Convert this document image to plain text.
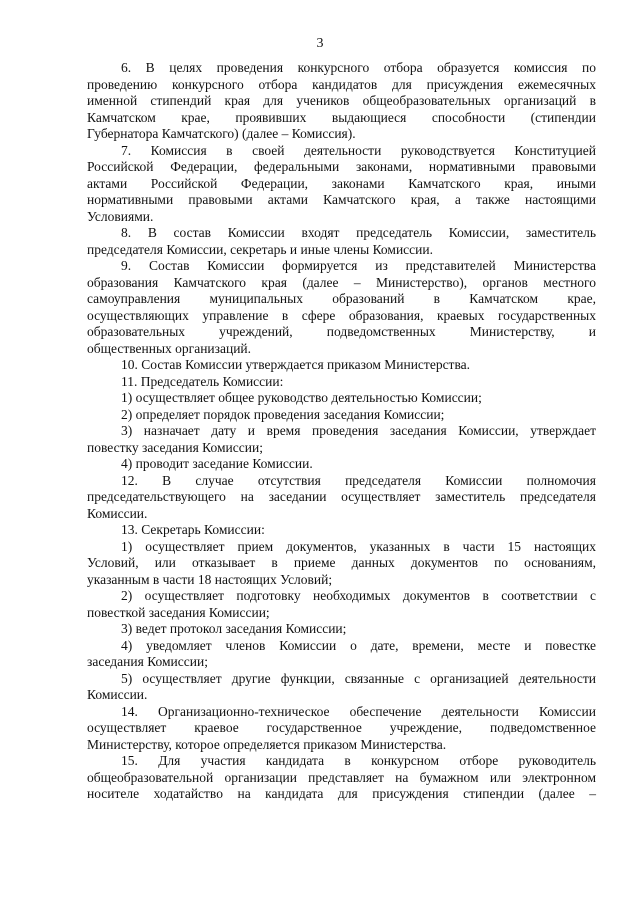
3
6. В целях проведения конкурсного отбора образуется комиссия по
проведению конкурсного отбора кандидатов для присуждения ежемесячных
именной стипендий края для учеников общеобразовательных организаций в
Камчатском крае, проявивших выдающиеся способности (стипендии
Губернатора Камчатского) (далее – Комиссия).
7. Комиссия в своей деятельности руководствуется Конституцией
Российской Федерации, федеральными законами, нормативными правовыми
актами Российской Федерации, законами Камчатского края, иными
нормативными правовыми актами Камчатского края, а также настоящими
Условиями.
8. В состав Комиссии входят председатель Комиссии, заместитель
председателя Комиссии, секретарь и иные члены Комиссии.
9. Состав Комиссии формируется из представителей Министерства
образования Камчатского края (далее – Министерство), органов местного
самоуправления муниципальных образований в Камчатском крае,
осуществляющих управление в сфере образования, краевых государственных
образовательных учреждений, подведомственных Министерству, и
общественных организаций.
10. Состав Комиссии утверждается приказом Министерства.
11. Председатель Комиссии:
1) осуществляет общее руководство деятельностью Комиссии;
2) определяет порядок проведения заседания Комиссии;
3) назначает дату и время проведения заседания Комиссии, утверждает
повестку заседания Комиссии;
4) проводит заседание Комиссии.
12. В случае отсутствия председателя Комиссии полномочия
председательствующего на заседании осуществляет заместитель председателя
Комиссии.
13. Секретарь Комиссии:
1) осуществляет прием документов, указанных в части 15 настоящих
Условий, или отказывает в приеме данных документов по основаниям,
указанным в части 18 настоящих Условий;
2) осуществляет подготовку необходимых документов в соответствии с
повесткой заседания Комиссии;
3) ведет протокол заседания Комиссии;
4) уведомляет членов Комиссии о дате, времени, месте и повестке
заседания Комиссии;
5) осуществляет другие функции, связанные с организацией деятельности
Комиссии.
14. Организационно-техническое обеспечение деятельности Комиссии
осуществляет краевое государственное учреждение, подведомственное
Министерству, которое определяется приказом Министерства.
15. Для участия кандидата в конкурсном отборе руководитель
общеобразовательной организации представляет на бумажном или электронном
носителе ходатайство на кандидата для присуждения стипендии (далее –
